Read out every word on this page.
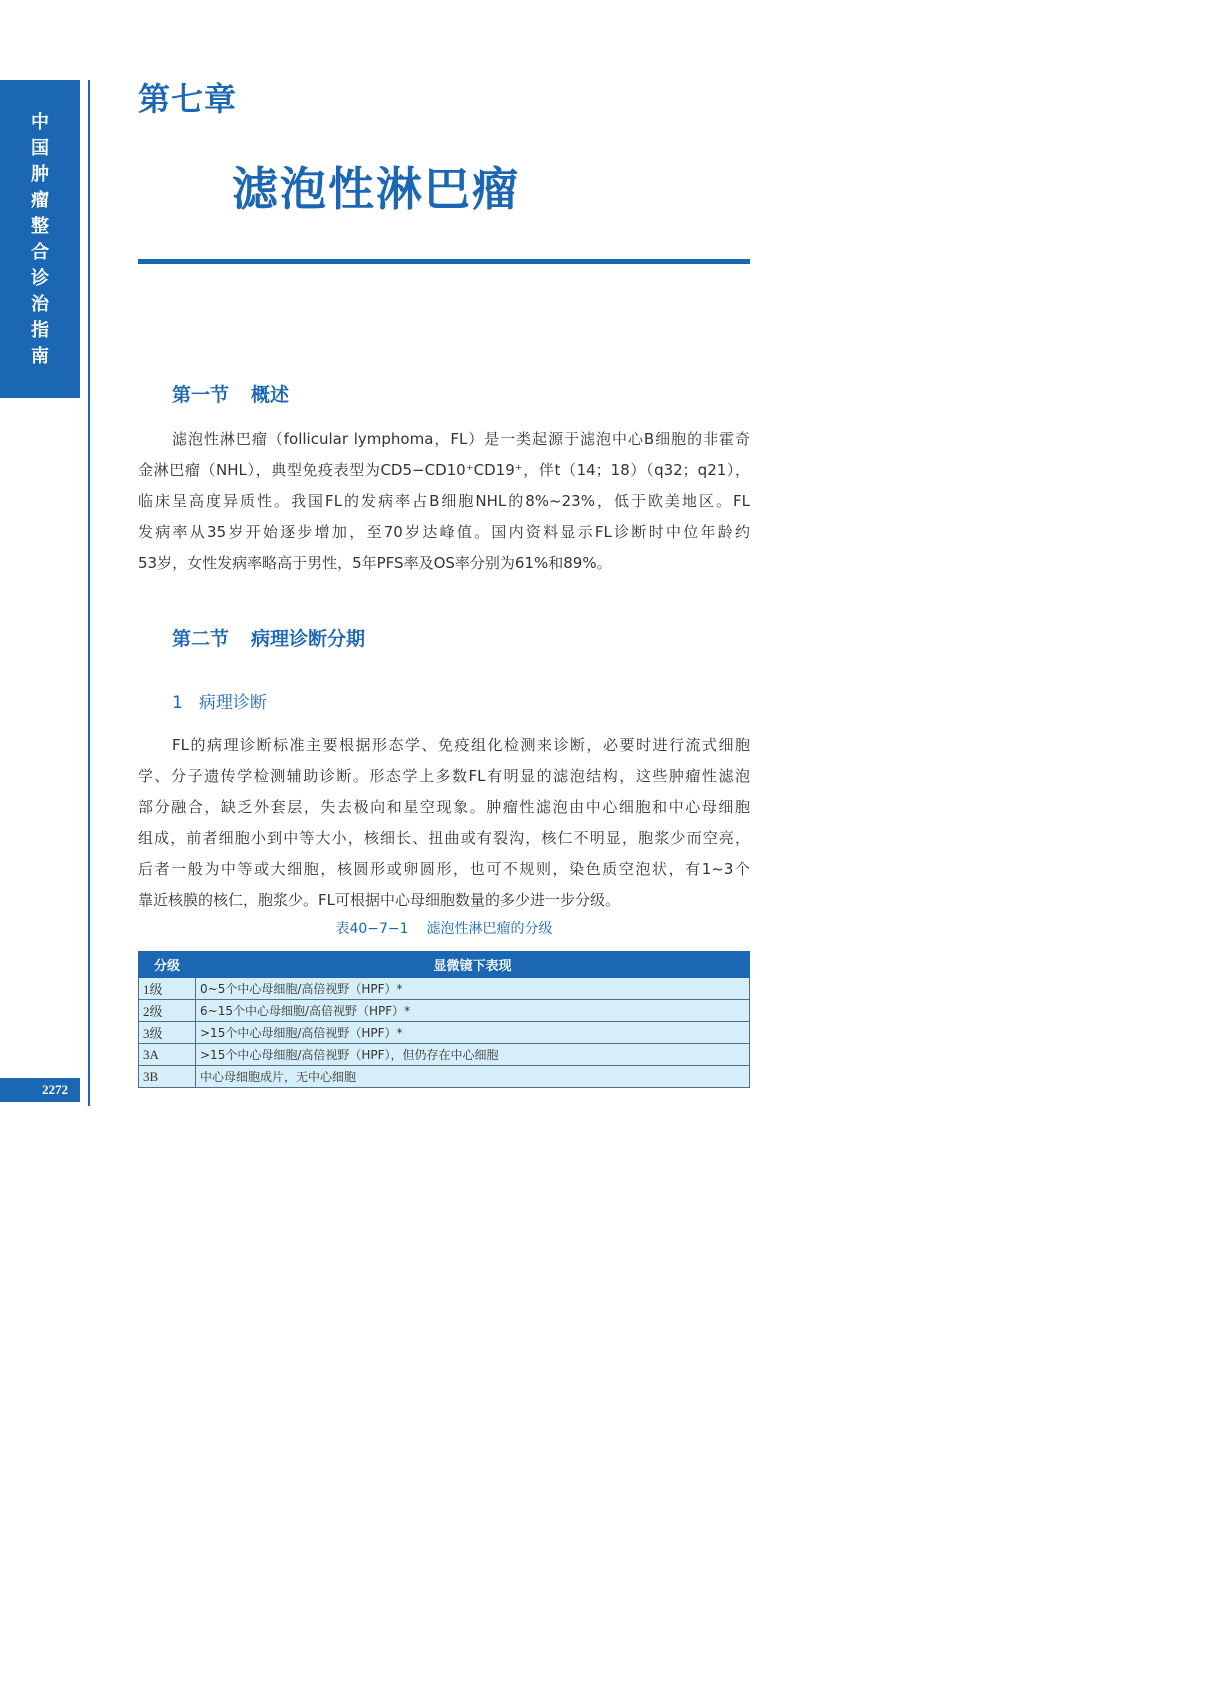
中
国
肿
瘤
整
合
诊
治
指
南
2272
第七章
滤泡性淋巴瘤
第一节 概述
滤泡性淋巴瘤（follicular lymphoma，FL）是一类起源于滤泡中心B细胞的非霍奇
金淋巴瘤（NHL），典型免疫表型为CD5−CD10⁺CD19⁺，伴t（14；18）（q32；q21），
临床呈高度异质性。我国FL的发病率占B细胞NHL的8%~23%，低于欧美地区。FL
发病率从35岁开始逐步增加，至70岁达峰值。国内资料显示FL诊断时中位年龄约
53岁，女性发病率略高于男性，5年PFS率及OS率分别为61%和89%。
第二节 病理诊断分期
1 病理诊断
FL的病理诊断标准主要根据形态学、免疫组化检测来诊断，必要时进行流式细胞
学、分子遗传学检测辅助诊断。形态学上多数FL有明显的滤泡结构，这些肿瘤性滤泡
部分融合，缺乏外套层，失去极向和星空现象。肿瘤性滤泡由中心细胞和中心母细胞
组成，前者细胞小到中等大小，核细长、扭曲或有裂沟，核仁不明显，胞浆少而空亮，
后者一般为中等或大细胞，核圆形或卵圆形，也可不规则，染色质空泡状，有1~3个
靠近核膜的核仁，胞浆少。FL可根据中心母细胞数量的多少进一步分级。
表40−7−1 滤泡性淋巴瘤的分级
分级	显微镜下表现
1级	0~5个中心母细胞/高倍视野（HPF）*
2级	6~15个中心母细胞/高倍视野（HPF）*
3级	>15个中心母细胞/高倍视野（HPF）*
3A	>15个中心母细胞/高倍视野（HPF），但仍存在中心细胞
3B	中心母细胞成片，无中心细胞
